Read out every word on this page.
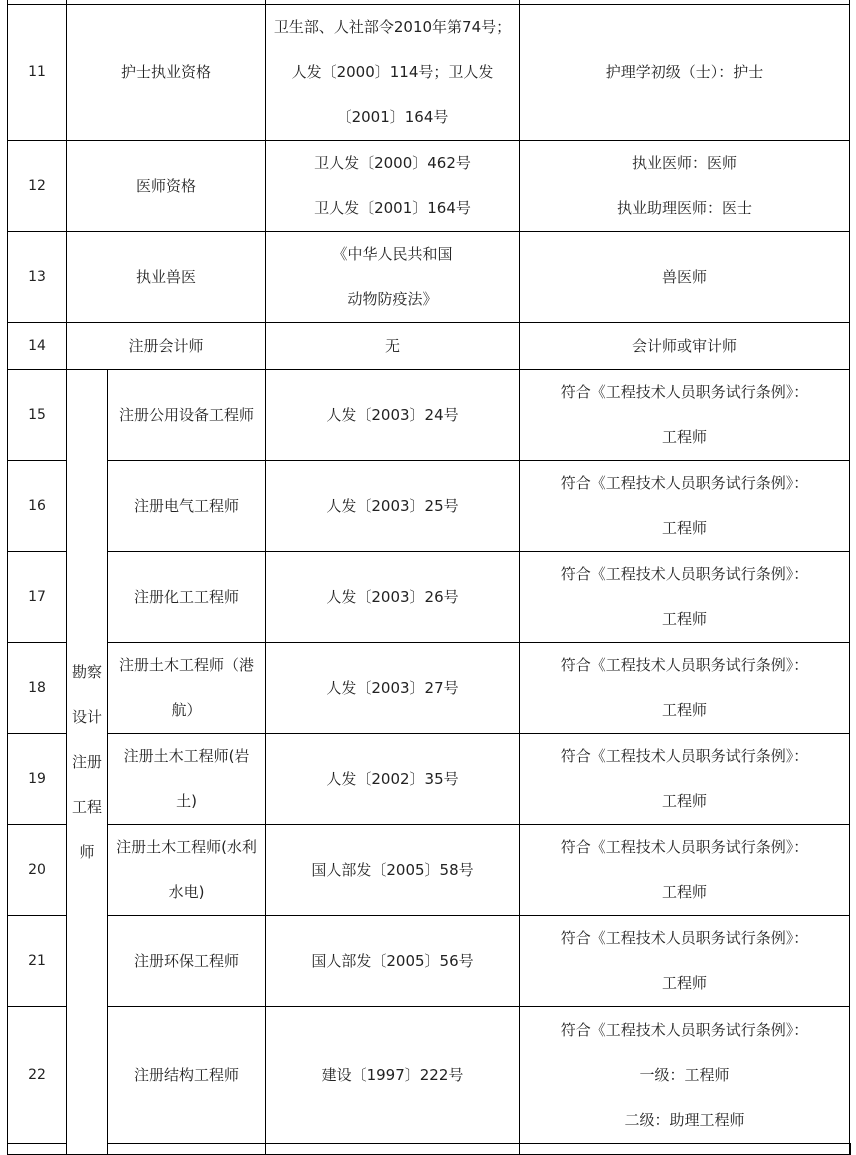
11	护士执业资格		卫生部、人社部令2010年第74号；
人发〔2000〕114号；卫人发
〔2001〕164号	护理学初级（士）：护士	

12	医师资格		卫人发〔2000〕462号
卫人发〔2001〕164号	执业医师：医师
执业助理医师：医士	

13	执业兽医		《中华人民共和国
动物防疫法》	兽医师	

14	注册会计师		无	会计师或审计师	

15	勘察
设计
注册
工程
师	注册公用设备工程师	人发〔2003〕24号	符合《工程技术人员职务试行条例》：
工程师	

16		注册电气工程师	人发〔2003〕25号	符合《工程技术人员职务试行条例》：
工程师	

17		注册化工工程师	人发〔2003〕26号	符合《工程技术人员职务试行条例》：
工程师	

18		注册土木工程师（港
航）	人发〔2003〕27号	符合《工程技术人员职务试行条例》：
工程师	

19		注册土木工程师(岩
土)	人发〔2002〕35号	符合《工程技术人员职务试行条例》：
工程师	

20		注册土木工程师(水利
水电)	国人部发〔2005〕58号	符合《工程技术人员职务试行条例》：
工程师	

21		注册环保工程师	国人部发〔2005〕56号	符合《工程技术人员职务试行条例》：
工程师	

22		注册结构工程师	建设〔1997〕222号	符合《工程技术人员职务试行条例》：
一级：工程师
二级：助理工程师	
